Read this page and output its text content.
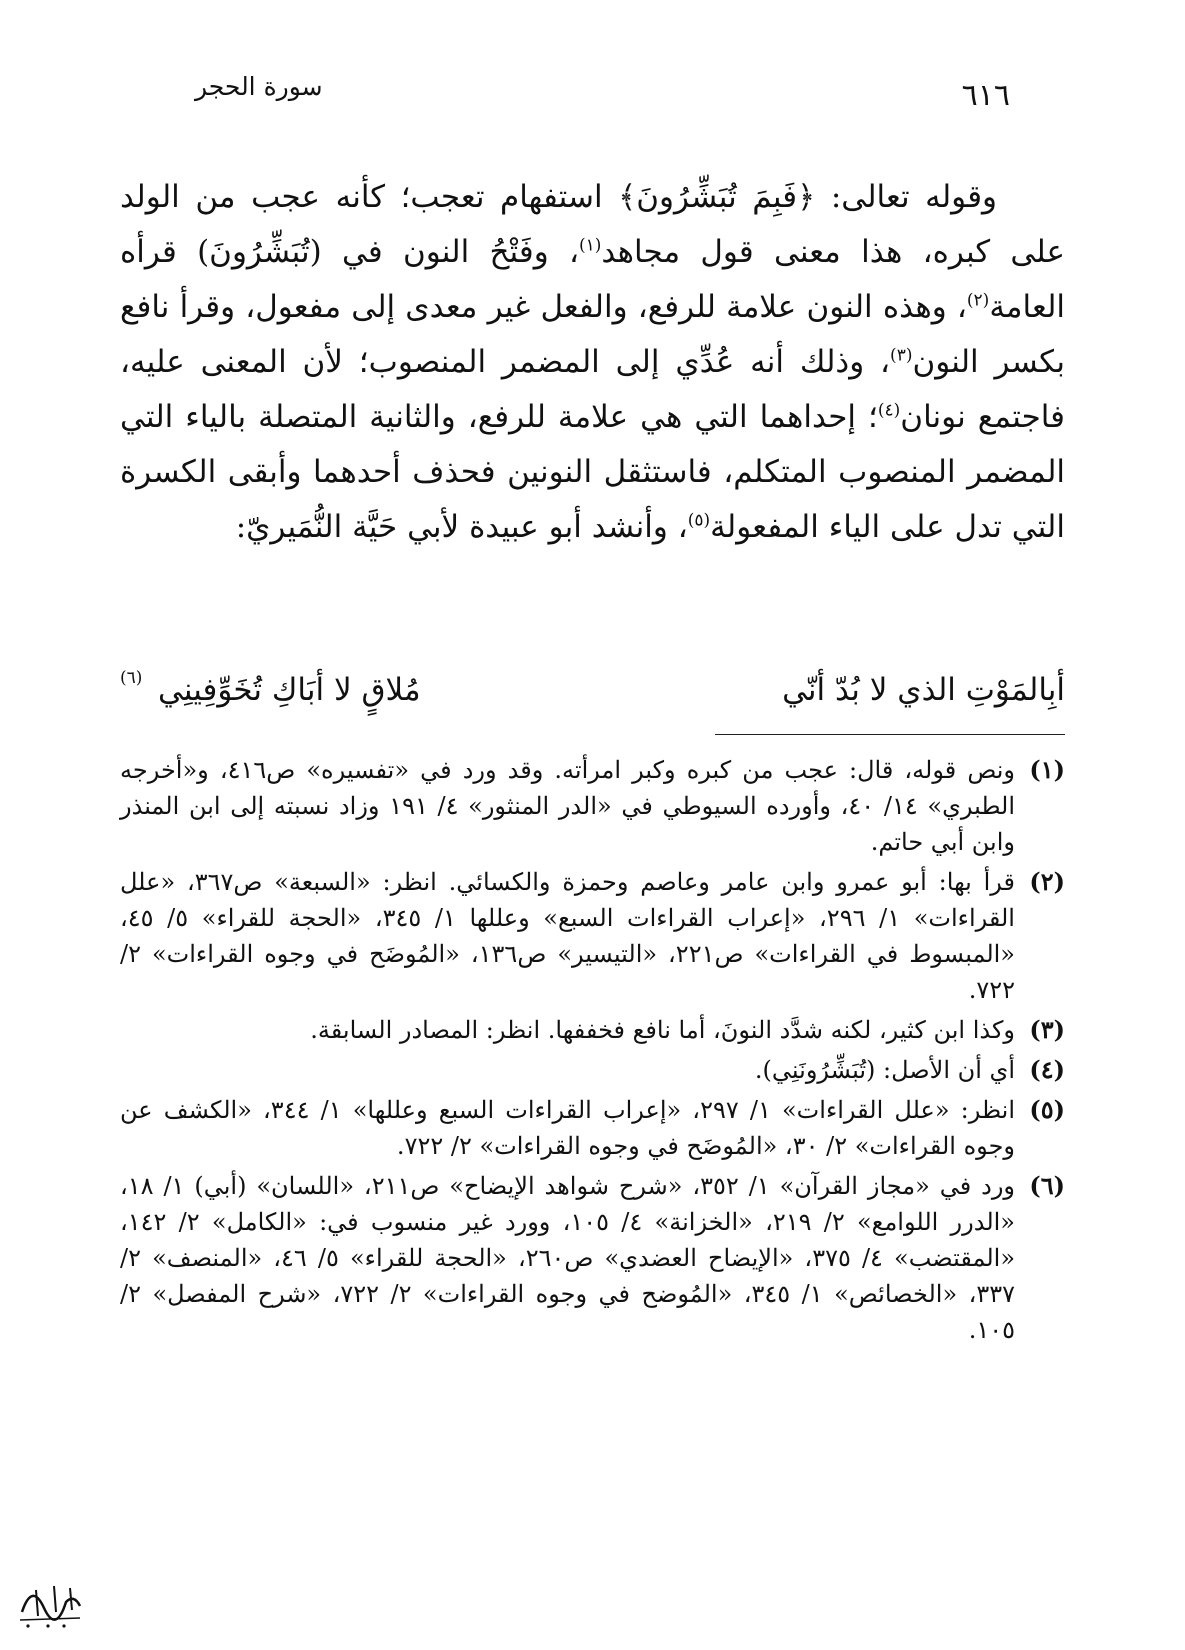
٦١٦
سورة الحجر

وقوله تعالى: ﴿فَبِمَ تُبَشِّرُونَ﴾ استفهام تعجب؛ كأنه عجب من الولد على كبره، هذا معنى قول مجاهد$^{(١)}$، وفَتْحُ النون في (تُبَشِّرُونَ) قرأه العامة$^{(٢)}$، وهذه النون علامة للرفع، والفعل غير معدى إلى مفعول، وقرأ نافع بكسر النون$^{(٣)}$، وذلك أنه عُدِّي إلى المضمر المنصوب؛ لأن المعنى عليه، فاجتمع نونان$^{(٤)}$؛ إحداهما التي هي علامة للرفع، والثانية المتصلة بالياء التي المضمر المنصوب المتكلم، فاستثقل النونين فحذف أحدهما وأبقى الكسرة التي تدل على الياء المفعولة$^{(٥)}$، وأنشد أبو عبيدة لأبي حَيَّة النُّمَيريّ:

أبِالمَوْتِ الذي لا بُدّ أنّي
مُلاقٍ لا أبَاكِ تُخَوِّفِينِي
(٦)
(١)
ونص قوله، قال: عجب من كبره وكبر امرأته. وقد ورد في «تفسيره» ص٤١٦، و«أخرجه الطبري» ١٤/ ٤٠، وأورده السيوطي في «الدر المنثور» ٤/ ١٩١ وزاد نسبته إلى ابن المنذر وابن أبي حاتم.
(٢)
قرأ بها: أبو عمرو وابن عامر وعاصم وحمزة والكسائي. انظر: «السبعة» ص٣٦٧، «علل القراءات» ١/ ٢٩٦، «إعراب القراءات السبع» وعللها ١/ ٣٤٥، «الحجة للقراء» ٥/ ٤٥، «المبسوط في القراءات» ص٢٢١، «التيسير» ص١٣٦، «المُوضَح في وجوه القراءات» ٢/ ٧٢٢.
(٣)
وكذا ابن كثير، لكنه شدَّد النونَ، أما نافع فخففها. انظر: المصادر السابقة.
(٤)
أي أن الأصل: (تُبَشِّرُونَنِي).
(٥)
انظر: «علل القراءات» ١/ ٢٩٧، «إعراب القراءات السبع وعللها» ١/ ٣٤٤، «الكشف عن وجوه القراءات» ٢/ ٣٠، «المُوضَح في وجوه القراءات» ٢/ ٧٢٢.
(٦)
ورد في «مجاز القرآن» ١/ ٣٥٢، «شرح شواهد الإيضاح» ص٢١١، «اللسان» (أبي) ١/ ١٨، «الدرر اللوامع» ٢/ ٢١٩، «الخزانة» ٤/ ١٠٥، وورد غير منسوب في: «الكامل» ٢/ ١٤٢، «المقتضب» ٤/ ٣٧٥، «الإيضاح العضدي» ص٢٦٠، «الحجة للقراء» ٥/ ٤٦، «المنصف» ٢/ ٣٣٧، «الخصائص» ١/ ٣٤٥، «المُوضح في وجوه القراءات» ٢/ ٧٢٢، «شرح المفصل» ٢/ ١٠٥.
